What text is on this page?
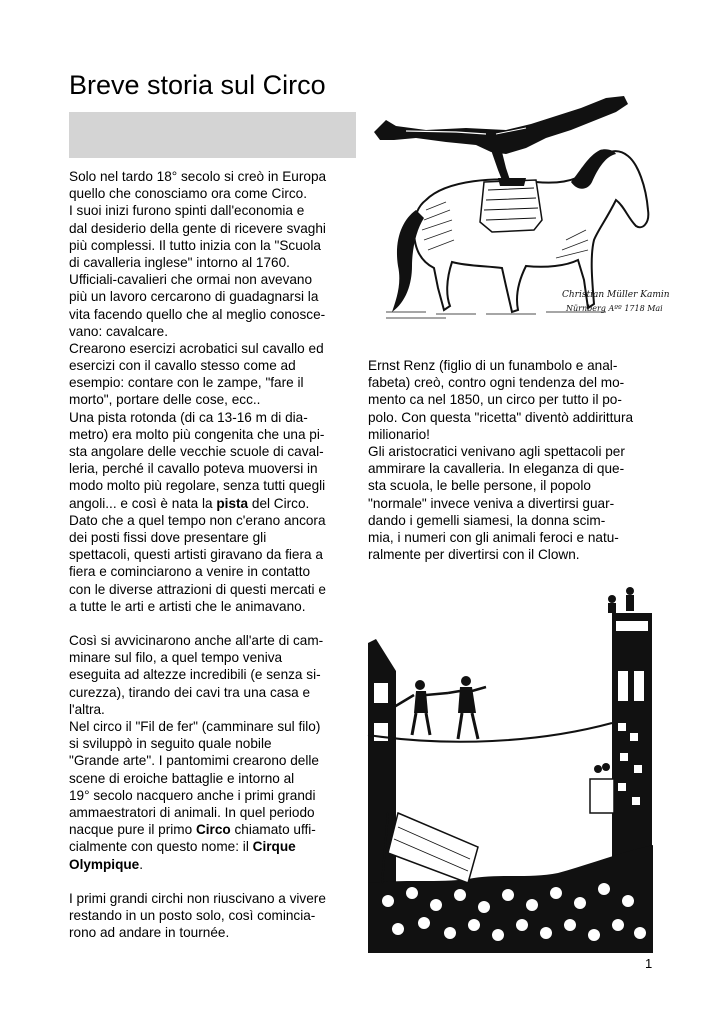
Breve storia sul Circo
Solo nel tardo 18° secolo si creò in Europa
quello che conosciamo ora come Circo.
I suoi inizi furono spinti dall'economia e
dal desiderio della gente di ricevere svaghi
più complessi. Il tutto inizia con la "Scuola
di cavalleria inglese" intorno al 1760.
Ufficiali-cavalieri che ormai non avevano
più un lavoro cercarono di guadagnarsi la
vita facendo quello che al meglio conosce-
vano: cavalcare.
Crearono esercizi acrobatici sul cavallo ed
esercizi con il cavallo stesso come ad
esempio: contare con le zampe, "fare il
morto", portare delle cose, ecc..
Una pista rotonda (di ca 13-16 m di dia-
metro) era molto più congenita che una pi-
sta angolare delle vecchie scuole di caval-
leria, perché il cavallo poteva muoversi in
modo molto più regolare, senza tutti quegli
angoli... e così è nata la pista del Circo.
Dato che a quel tempo non c'erano ancora
dei posti fissi dove presentare gli
spettacoli, questi artisti giravano da fiera a
fiera e cominciarono a venire in contatto
con le diverse attrazioni di questi mercati e
a tutte le arti e artisti che le animavano.
Così si avvicinarono anche all'arte di cam-
minare sul filo, a quel tempo veniva
eseguita ad altezze incredibili (e senza si-
curezza), tirando dei cavi tra una casa e
l'altra.
Nel circo il "Fil de fer" (camminare sul filo)
si sviluppò in seguito quale nobile
"Grande arte". I pantomimi crearono delle
scene di eroiche battaglie e intorno al
19° secolo nacquero anche i primi grandi
ammaestratori di animali. In quel periodo
nacque pure il primo Circo chiamato uffi-
cialmente con questo nome: il Cirque
Olympique.
I primi grandi circhi non riuscivano a vivere
restando in un posto solo, così comincia-
rono ad andare in tournée.
Ernst Renz (figlio di un funambolo e anal-
fabeta) creò, contro ogni tendenza del mo-
mento ca nel 1850, un circo per tutto il po-
polo. Con questa "ricetta" diventò addirittura
milionario!
Gli aristocratici venivano agli spettacoli per
ammirare la cavalleria. In eleganza di que-
sta scuola, le belle persone, il popolo
"normale" invece veniva a divertirsi guar-
dando i gemelli siamesi, la donna scim-
mia, i numeri con gli animali feroci e natu-
ralmente per divertirsi con il Clown.
Christian Müller Kamin
Nürnberg Aºº 1718 Mai
1
